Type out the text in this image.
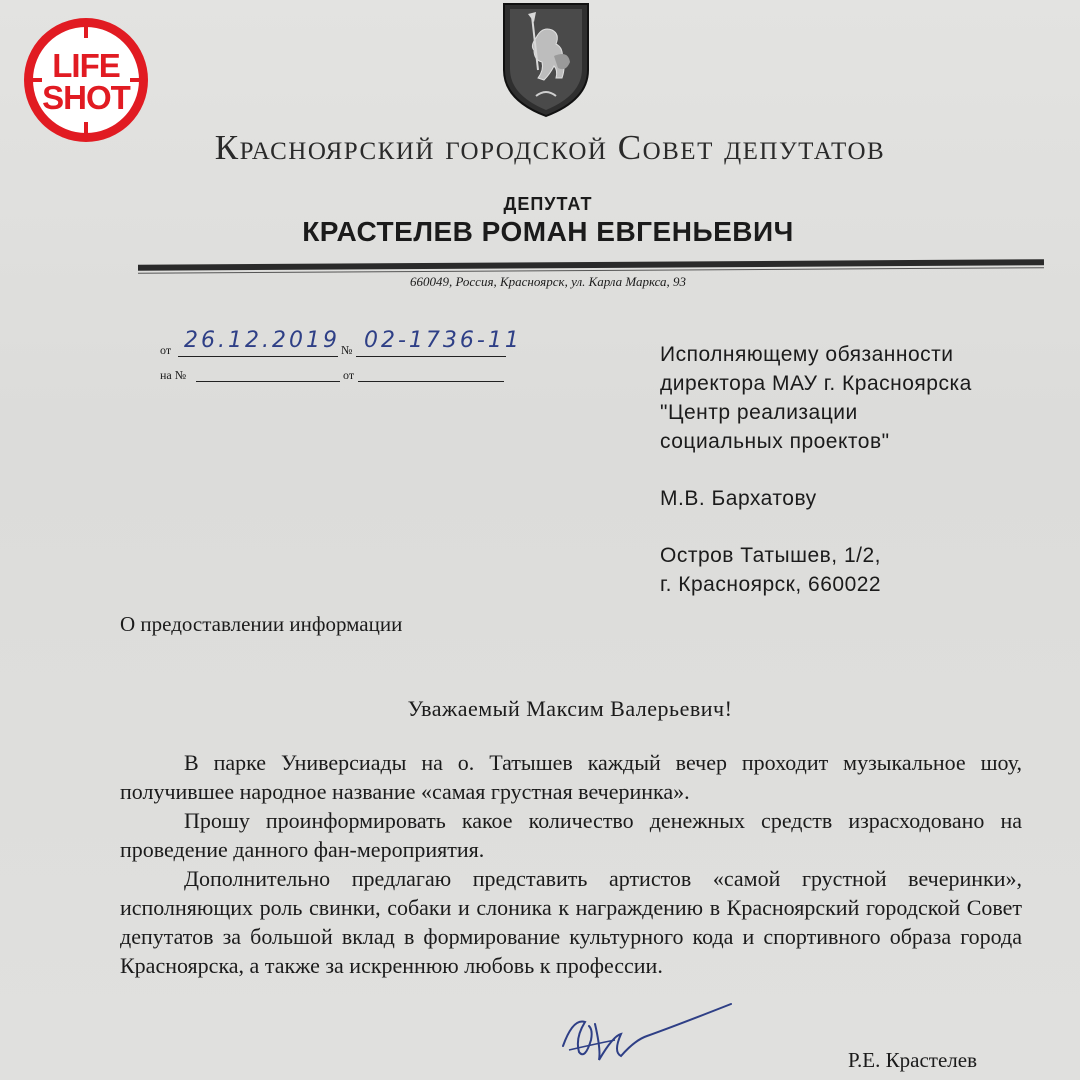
LIFE
SHOT
Красноярский городской Совет депутатов
ДЕПУТАТ
КРАСТЕЛЕВ РОМАН ЕВГЕНЬЕВИЧ
660049, Россия, Красноярск, ул. Карла Маркса, 93
от	№
на №	от
26.12.2019 02-1736-11
Исполняющему обязанности
директора МАУ г. Красноярска
"Центр реализации
социальных проектов"
М.В. Бархатову
Остров Татышев, 1/2,
г. Красноярск, 660022
О предоставлении информации
Уважаемый Максим Валерьевич!

В парке Универсиады на о. Татышев каждый вечер проходит музыкальное шоу, получившее народное название «самая грустная вечеринка».

Прошу проинформировать какое количество денежных средств израсходовано на проведение данного фан-мероприятия.

Дополнительно предлагаю представить артистов «самой грустной вечеринки», исполняющих роль свинки, собаки и слоника к награждению в Красноярский городской Совет депутатов за большой вклад в формирование культурного кода и спортивного образа города Красноярска, а также за искреннюю любовь к профессии.

Р.Е. Крастелев
